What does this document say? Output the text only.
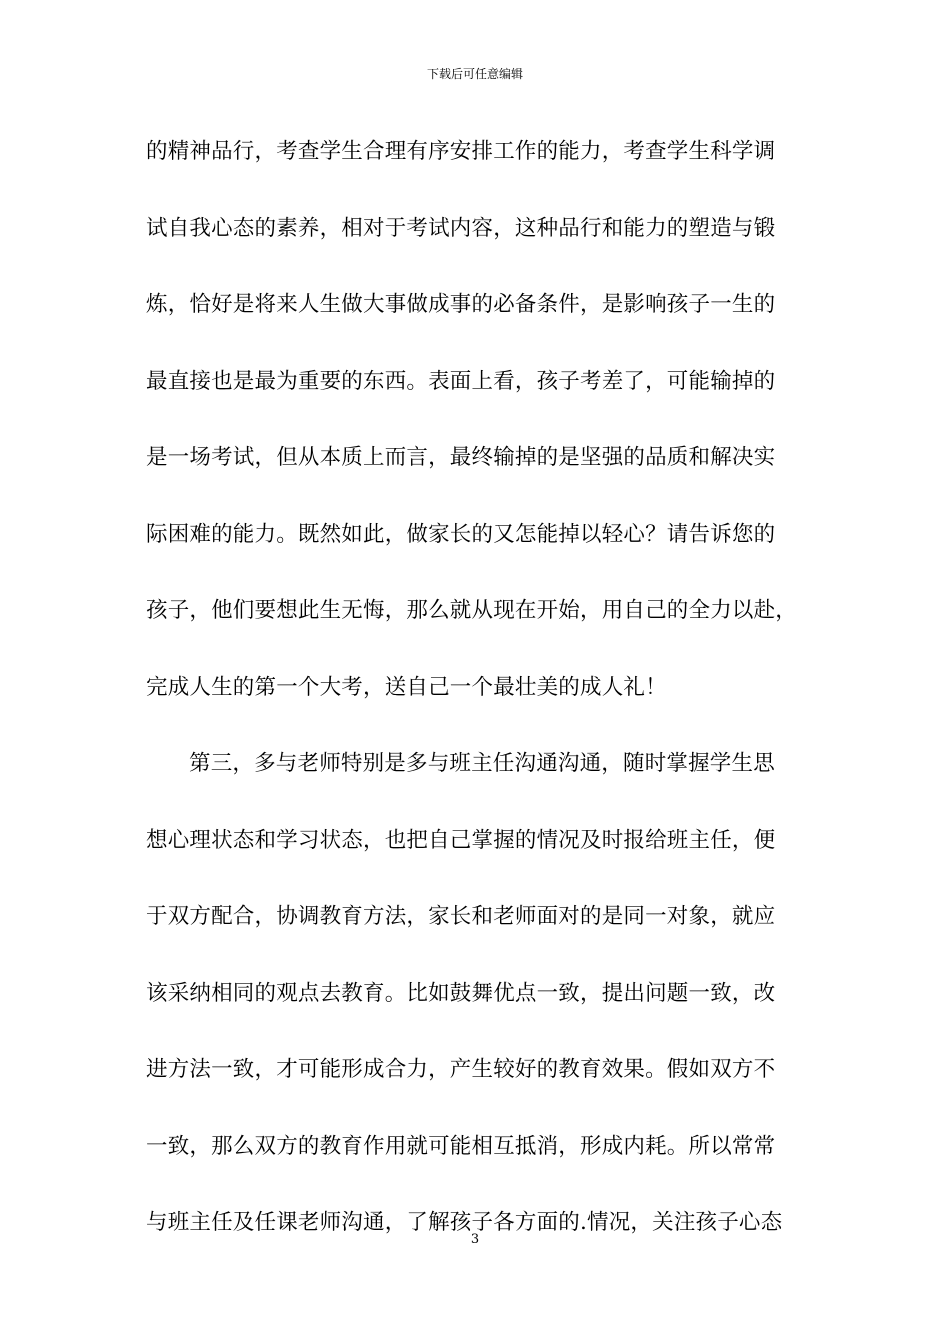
下载后可任意编辑
的精神品行，考查学生合理有序安排工作的能力，考查学生科学调
试自我心态的素养，相对于考试内容，这种品行和能力的塑造与锻
炼，恰好是将来人生做大事做成事的必备条件，是影响孩子一生的
最直接也是最为重要的东西。表面上看，孩子考差了，可能输掉的
是一场考试，但从本质上而言，最终输掉的是坚强的品质和解决实
际困难的能力。既然如此，做家长的又怎能掉以轻心？请告诉您的
孩子，他们要想此生无悔，那么就从现在开始，用自己的全力以赴，
完成人生的第一个大考，送自己一个最壮美的成人礼！
第三，多与老师特别是多与班主任沟通沟通，随时掌握学生思
想心理状态和学习状态，也把自己掌握的情况及时报给班主任，便
于双方配合，协调教育方法，家长和老师面对的是同一对象，就应
该采纳相同的观点去教育。比如鼓舞优点一致，提出问题一致，改
进方法一致，才可能形成合力，产生较好的教育效果。假如双方不
一致，那么双方的教育作用就可能相互抵消，形成内耗。所以常常
与班主任及任课老师沟通，了解孩子各方面的.情况，关注孩子心态
3
